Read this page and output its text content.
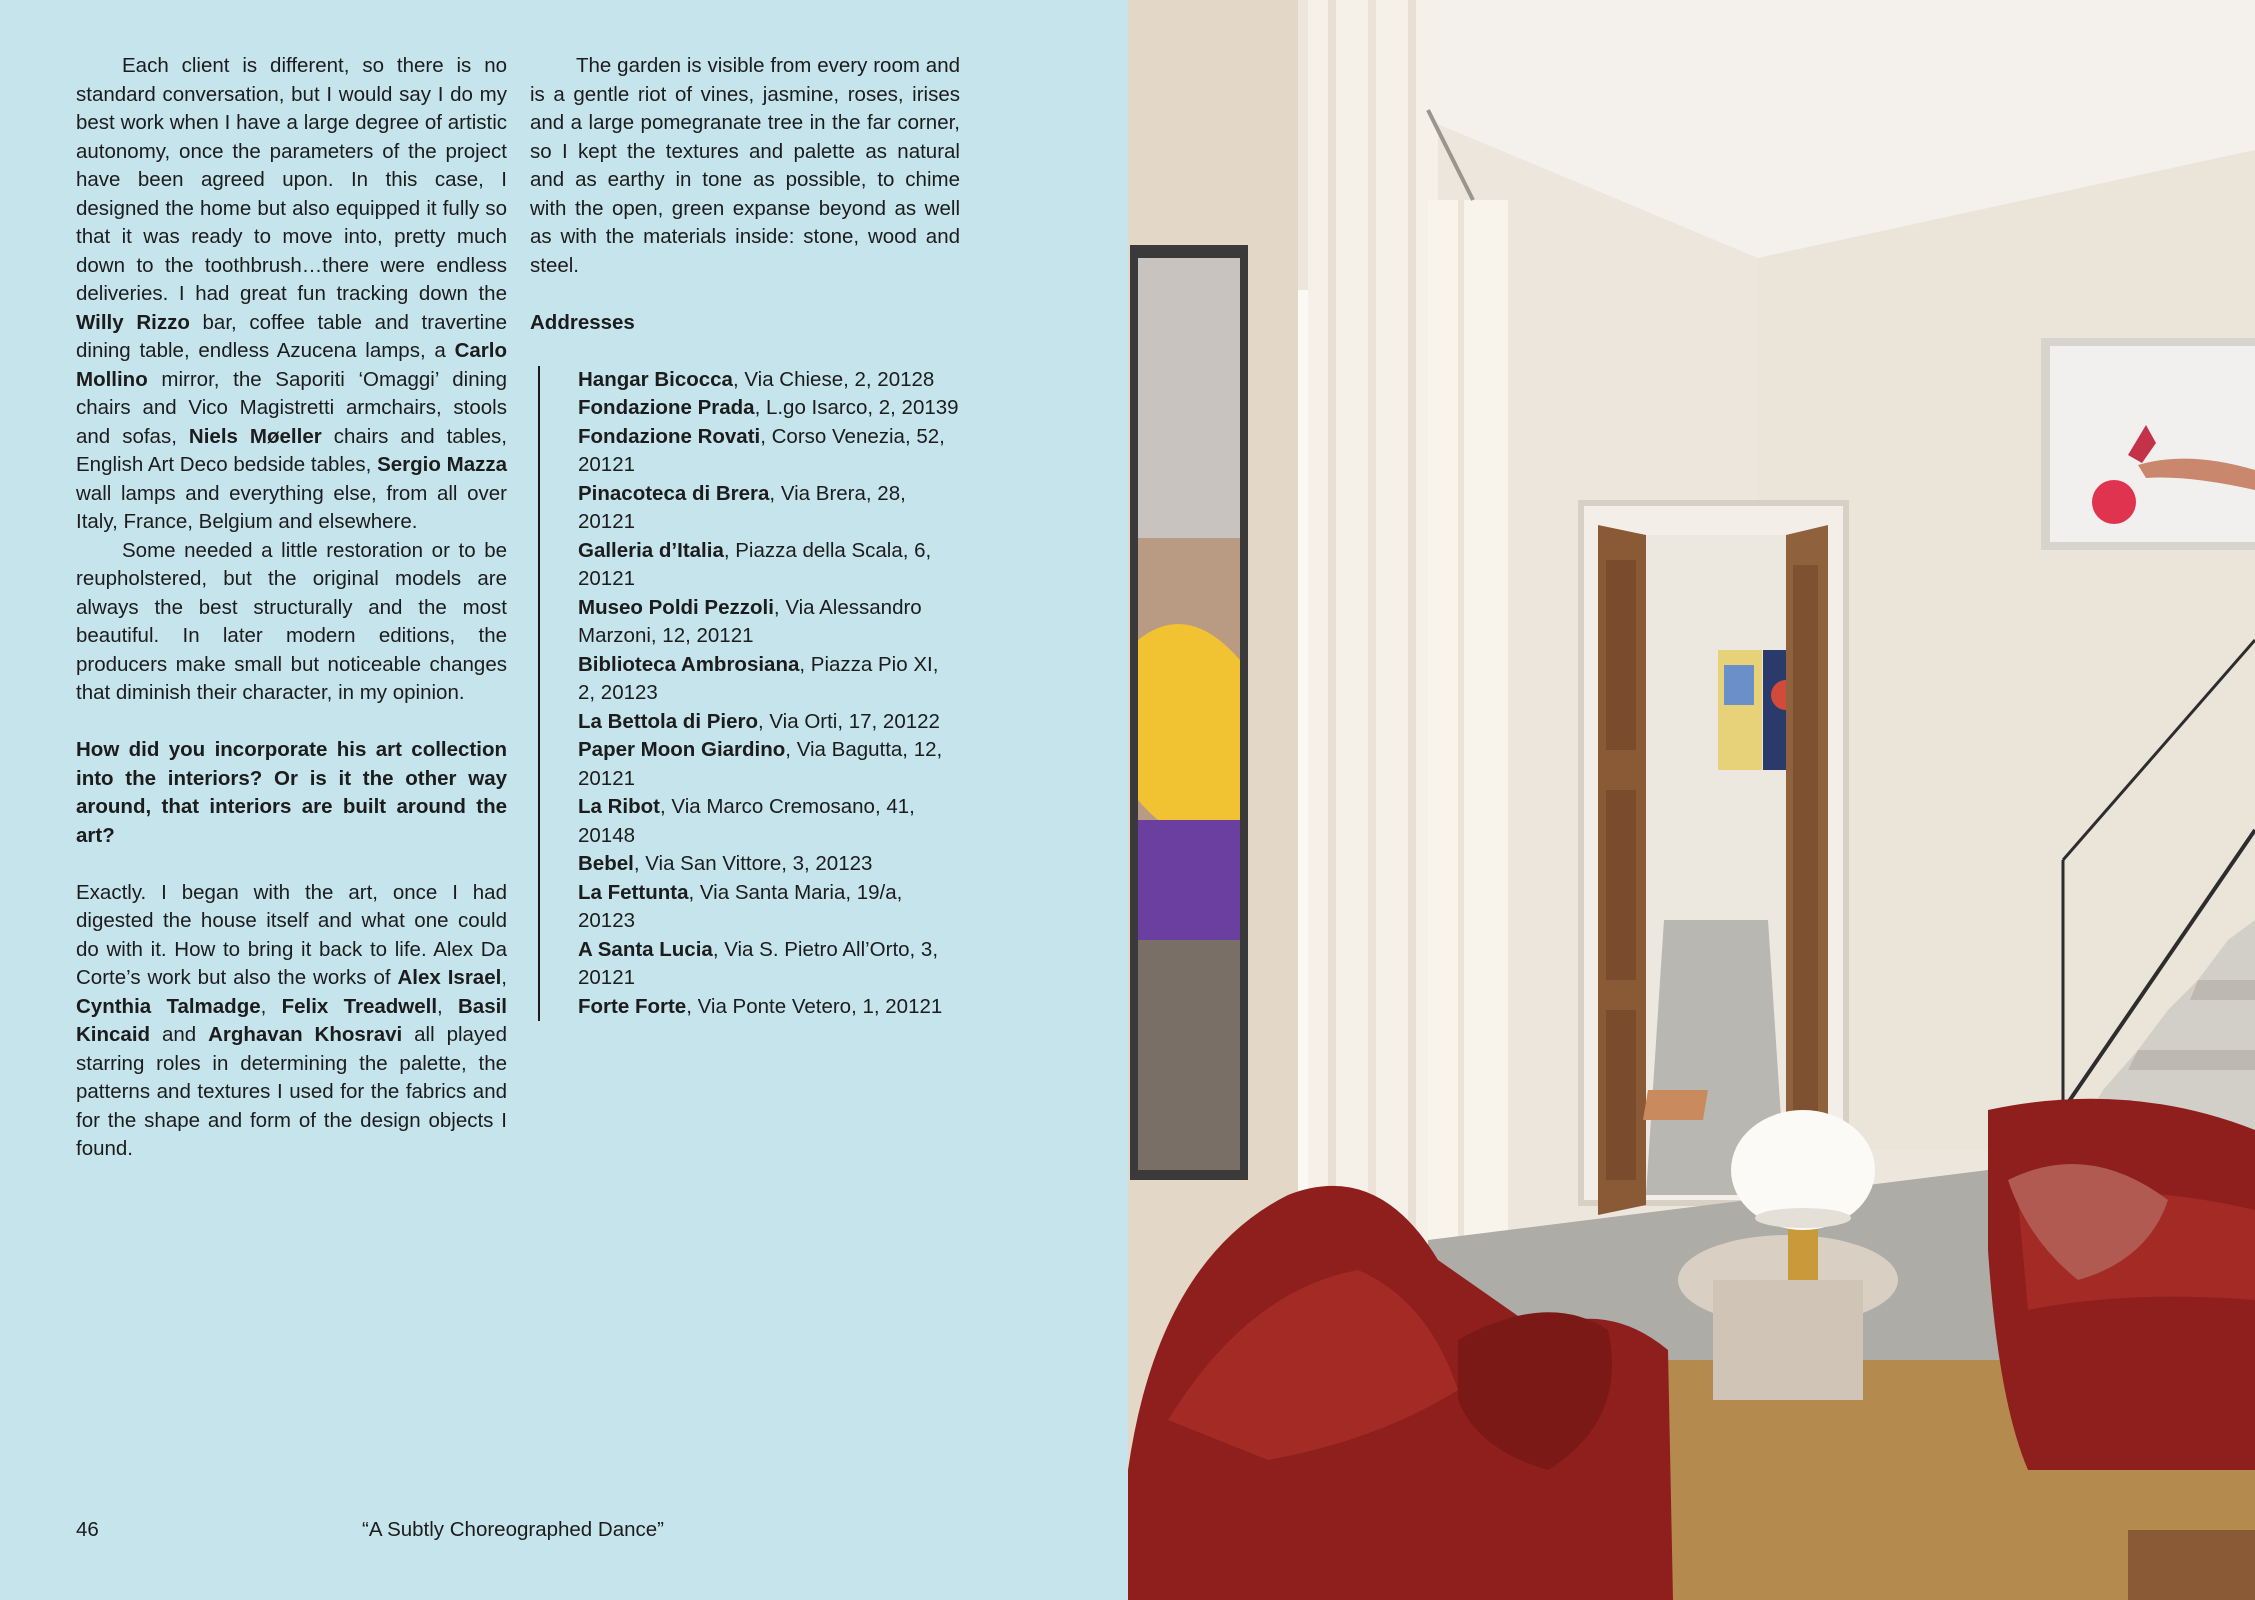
Each client is different, so there is no standard conversation, but I would say I do my best work when I have a large degree of artistic autonomy, once the parameters of the project have been agreed upon. In this case, I designed the home but also equipped it fully so that it was ready to move into, pretty much down to the toothbrush…there were endless deliveries. I had great fun tracking down the Willy Rizzo bar, coffee table and travertine dining table, endless Azucena lamps, a Carlo Mollino mirror, the Saporiti ‘Omaggi’ dining chairs and Vico Magistretti armchairs, stools and sofas, Niels Møeller chairs and tables, English Art Deco bedside tables, Sergio Mazza wall lamps and everything else, from all over Italy, France, Belgium and elsewhere.

Some needed a little restoration or to be reupholstered, but the original models are always the best structurally and the most beautiful. In later modern editions, the producers make small but noticeable changes that diminish their character, in my opinion.

How did you incorporate his art collection into the interiors? Or is it the other way around, that interiors are built around the art?

Exactly. I began with the art, once I had digested the house itself and what one could do with it. How to bring it back to life. Alex Da Corte’s work but also the works of Alex Israel, Cynthia Talmadge, Felix Treadwell, Basil Kincaid and Arghavan Khosravi all played starring roles in determining the palette, the patterns and textures I used for the fabrics and for the shape and form of the design objects I found.

The garden is visible from every room and is a gentle riot of vines, jasmine, roses, irises and a large pomegranate tree in the far corner, so I kept the textures and palette as natural and as earthy in tone as possible, to chime with the open, green expanse beyond as well as with the materials inside: stone, wood and steel.

Addresses

Hangar Bicocca, Via Chiese, 2, 20128
Fondazione Prada, L.go Isarco, 2, 20139
Fondazione Rovati, Corso Venezia, 52, 20121
Pinacoteca di Brera, Via Brera, 28, 20121
Galleria d’Italia, Piazza della Scala, 6, 20121
Museo Poldi Pezzoli, Via Alessandro Marzoni, 12, 20121
Biblioteca Ambrosiana, Piazza Pio XI, 2, 20123
La Bettola di Piero, Via Orti, 17, 20122
Paper Moon Giardino, Via Bagutta, 12, 20121
La Ribot, Via Marco Cremosano, 41, 20148
Bebel, Via San Vittore, 3, 20123
La Fettunta, Via Santa Maria, 19/a, 20123
A Santa Lucia, Via S. Pietro All’Orto, 3, 20121
Forte Forte, Via Ponte Vetero, 1, 20121
46	“A Subtly Choreographed Dance”
